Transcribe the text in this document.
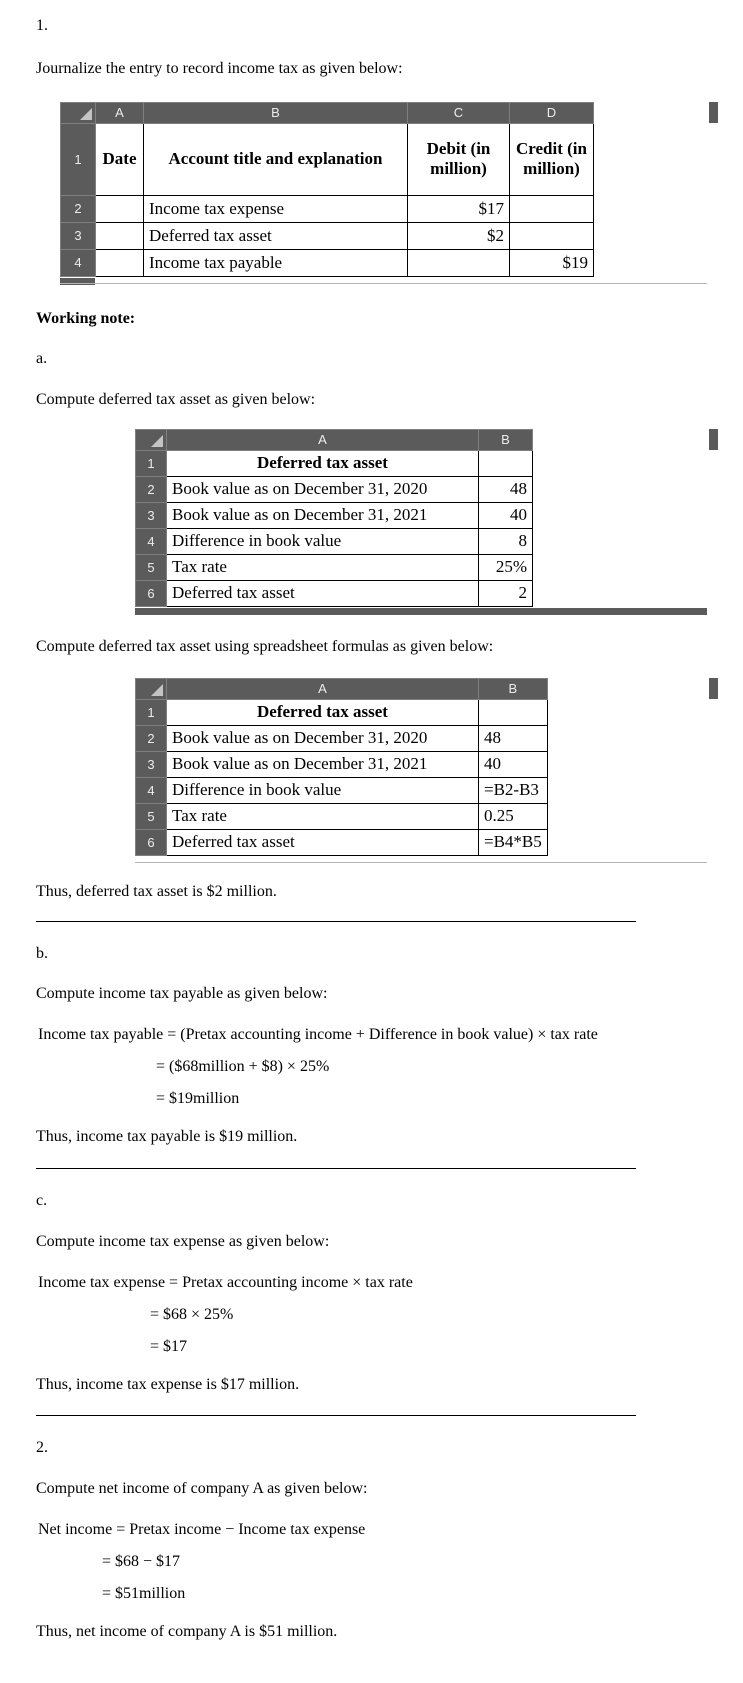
1.

Journalize the entry to record income tax as given below:

	A	B	C	D
1	Date	Account title and explanation	Debit (in million)	Credit (in million)
2		Income tax expense	$17	
3		Deferred tax asset	$2	
4		Income tax payable		$19

Working note:

a.

Compute deferred tax asset as given below:

	A	B
1	Deferred tax asset	
2	Book value as on December 31, 2020	48
3	Book value as on December 31, 2021	40
4	Difference in book value	8
5	Tax rate	25%
6	Deferred tax asset	2

Compute deferred tax asset using spreadsheet formulas as given below:

	A	B
1	Deferred tax asset	
2	Book value as on December 31, 2020	48
3	Book value as on December 31, 2021	40
4	Difference in book value	=B2-B3
5	Tax rate	0.25
6	Deferred tax asset	=B4*B5

Thus, deferred tax asset is $2 million.

b.

Compute income tax payable as given below:

Income tax payable = (Pretax accounting income + Difference in book value) × tax rate

= ($68million + $8) × 25%

= $19million

Thus, income tax payable is $19 million.

c.

Compute income tax expense as given below:

Income tax expense = Pretax accounting income × tax rate

= $68 × 25%

= $17

Thus, income tax expense is $17 million.

2.

Compute net income of company A as given below:

Net income = Pretax income − Income tax expense

= $68 − $17

= $51million

Thus, net income of company A is $51 million.
